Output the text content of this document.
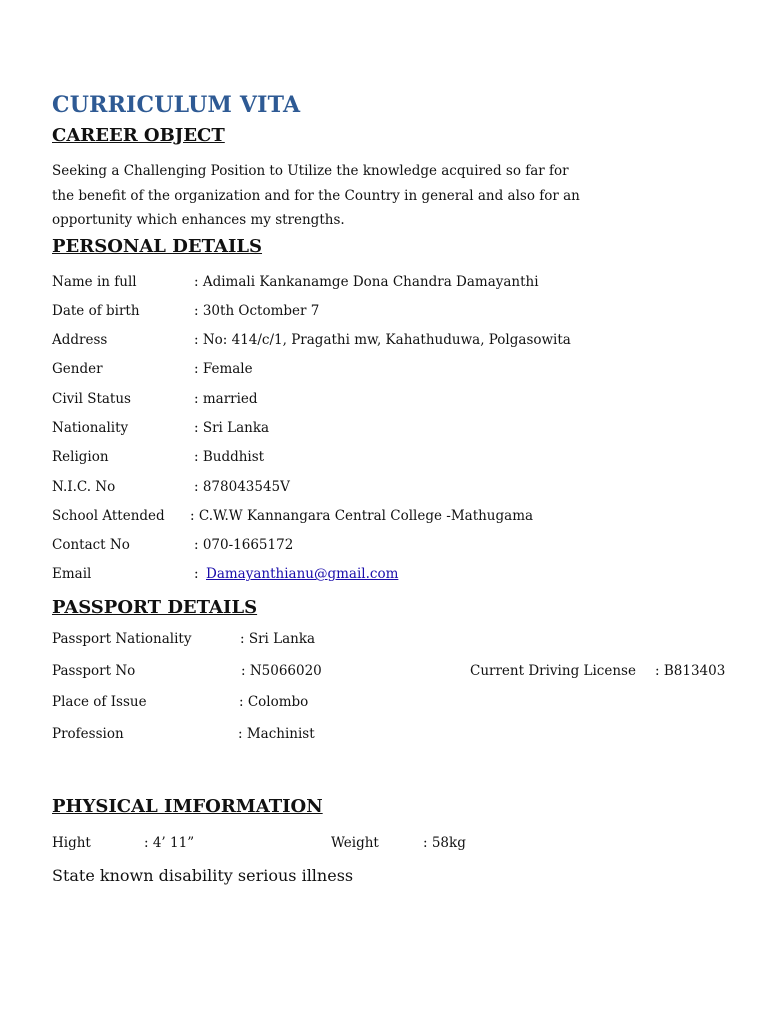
CURRICULUM VITA
CAREER OBJECT
Seeking a Challenging Position to Utilize the knowledge acquired so far for the benefit of the organization and for the Country in general and also for an opportunity which enhances my strengths.
PERSONAL DETAILS
Name in full	: Adimali Kankanamge Dona Chandra Damayanthi
Date of birth	: 30th Octomber 7
Address	: No: 414/c/1, Pragathi mw, Kahathuduwa, Polgasowita
Gender	: Female
Civil Status	: married
Nationality	: Sri Lanka
Religion	: Buddhist
N.I.C. No	: 878043545V
School Attended : C.W.W Kannangara Central College -Mathugama
Contact No	: 070-1665172
Email	: Damayanthianu@gmail.com
PASSPORT DETAILS
Passport Nationality	: Sri Lanka
Passport No	: N5066020	Current Driving License : B813403
Place of Issue	: Colombo
Profession	: Machinist
PHYSICAL IMFORMATION
Hight	: 4’ 11”	Weight	: 58kg
State known disability serious illness
